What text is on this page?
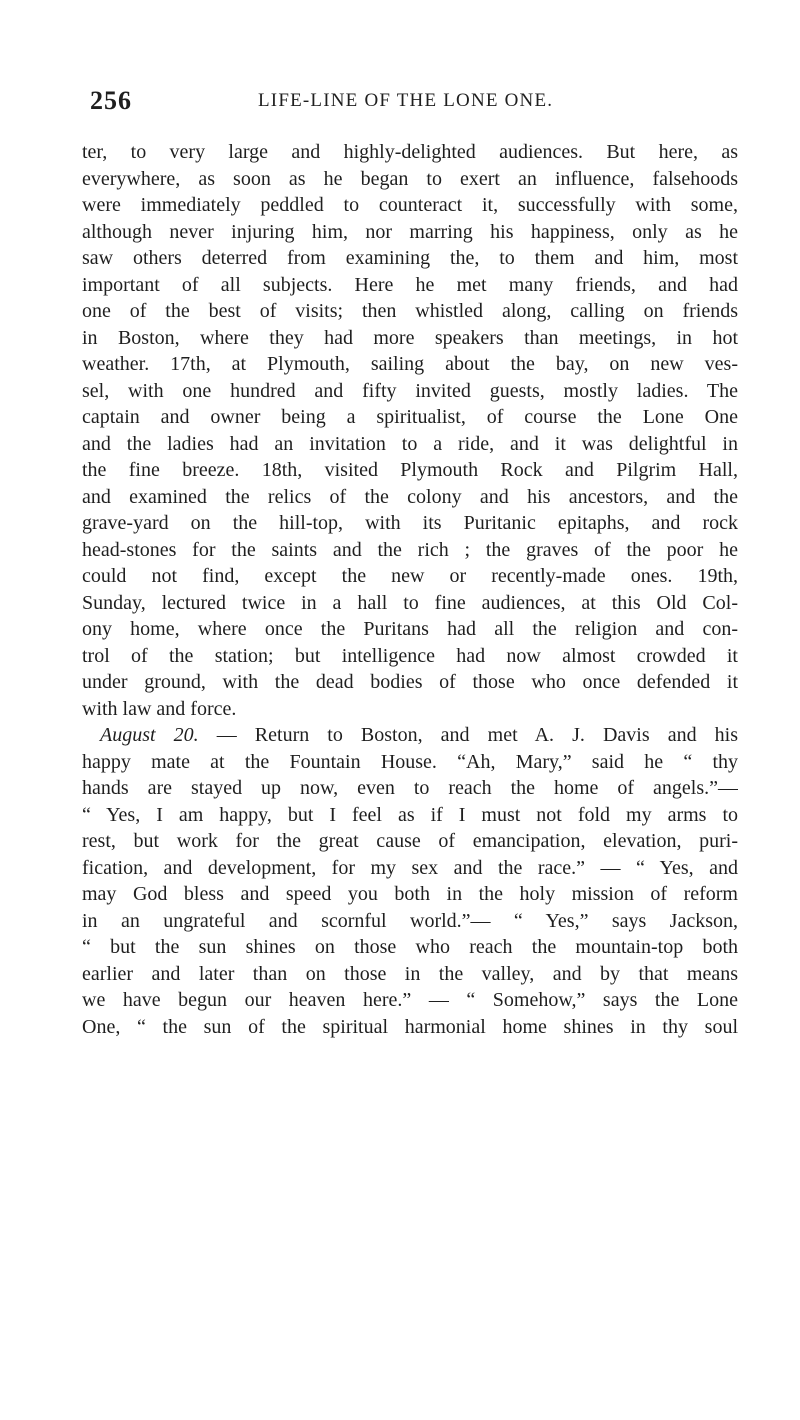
256	LIFE-LINE OF THE LONE ONE.
ter, to very large and highly-delighted audiences. But here, as
everywhere, as soon as he began to exert an influence, falsehoods
were immediately peddled to counteract it, successfully with some,
although never injuring him, nor marring his happiness, only as he
saw others deterred from examining the, to them and him, most
important of all subjects. Here he met many friends, and had
one of the best of visits; then whistled along, calling on friends
in Boston, where they had more speakers than meetings, in hot
weather. 17th, at Plymouth, sailing about the bay, on new ves-
sel, with one hundred and fifty invited guests, mostly ladies. The
captain and owner being a spiritualist, of course the Lone One
and the ladies had an invitation to a ride, and it was delightful in
the fine breeze. 18th, visited Plymouth Rock and Pilgrim Hall,
and examined the relics of the colony and his ancestors, and the
grave-yard on the hill-top, with its Puritanic epitaphs, and rock
head-stones for the saints and the rich ; the graves of the poor he
could not find, except the new or recently-made ones. 19th,
Sunday, lectured twice in a hall to fine audiences, at this Old Col-
ony home, where once the Puritans had all the religion and con-
trol of the station; but intelligence had now almost crowded it
under ground, with the dead bodies of those who once defended it
with law and force.
August 20. — Return to Boston, and met A. J. Davis and his
happy mate at the Fountain House. “Ah, Mary,” said he “ thy
hands are stayed up now, even to reach the home of angels.”—
“ Yes, I am happy, but I feel as if I must not fold my arms to
rest, but work for the great cause of emancipation, elevation, puri-
fication, and development, for my sex and the race.” — “ Yes, and
may God bless and speed you both in the holy mission of reform
in an ungrateful and scornful world.”— “ Yes,” says Jackson,
“ but the sun shines on those who reach the mountain-top both
earlier and later than on those in the valley, and by that means
we have begun our heaven here.” — “ Somehow,” says the Lone
One, “ the sun of the spiritual harmonial home shines in thy soul
